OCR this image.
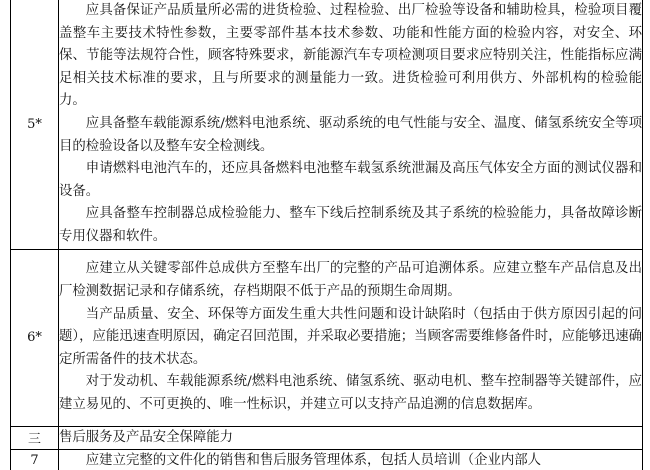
5*	应具备保证产品质量所必需的进货检验、过程检验、出厂检验等设备和辅助检具，检验项目覆盖整车主要技术特性参数，主要零部件基本技术参数、功能和性能方面的检验内容，对安全、环保、节能等法规符合性，顾客特殊要求，新能源汽车专项检测项目要求应特别关注，性能指标应满足相关技术标准的要求，且与所要求的测量能力一致。进货检验可利用供方、外部机构的检验能力。

应具备整车载能源系统/燃料电池系统、驱动系统的电气性能与安全、温度、储氢系统安全等项目的检验设备以及整车安全检测线。

申请燃料电池汽车的，还应具备燃料电池整车载氢系统泄漏及高压气体安全方面的测试仪器和设备。

应具备整车控制器总成检验能力、整车下线后控制系统及其子系统的检验能力，具备故障诊断专用仪器和软件。

6*	应建立从关键零部件总成供方至整车出厂的完整的产品可追溯体系。应建立整车产品信息及出厂检测数据记录和存储系统，存档期限不低于产品的预期生命周期。

当产品质量、安全、环保等方面发生重大共性问题和设计缺陷时（包括由于供方原因引起的问题），应能迅速查明原因，确定召回范围，并采取必要措施；当顾客需要维修备件时，应能够迅速确定所需备件的技术状态。

对于发动机、车载能源系统/燃料电池系统、储氢系统、驱动电机、整车控制器等关键部件，应建立易见的、不可更换的、唯一性标识，并建立可以支持产品追溯的信息数据库。

三	售后服务及产品安全保障能力
7	应建立完整的文件化的销售和售后服务管理体系，包括人员培训（企业内部人
